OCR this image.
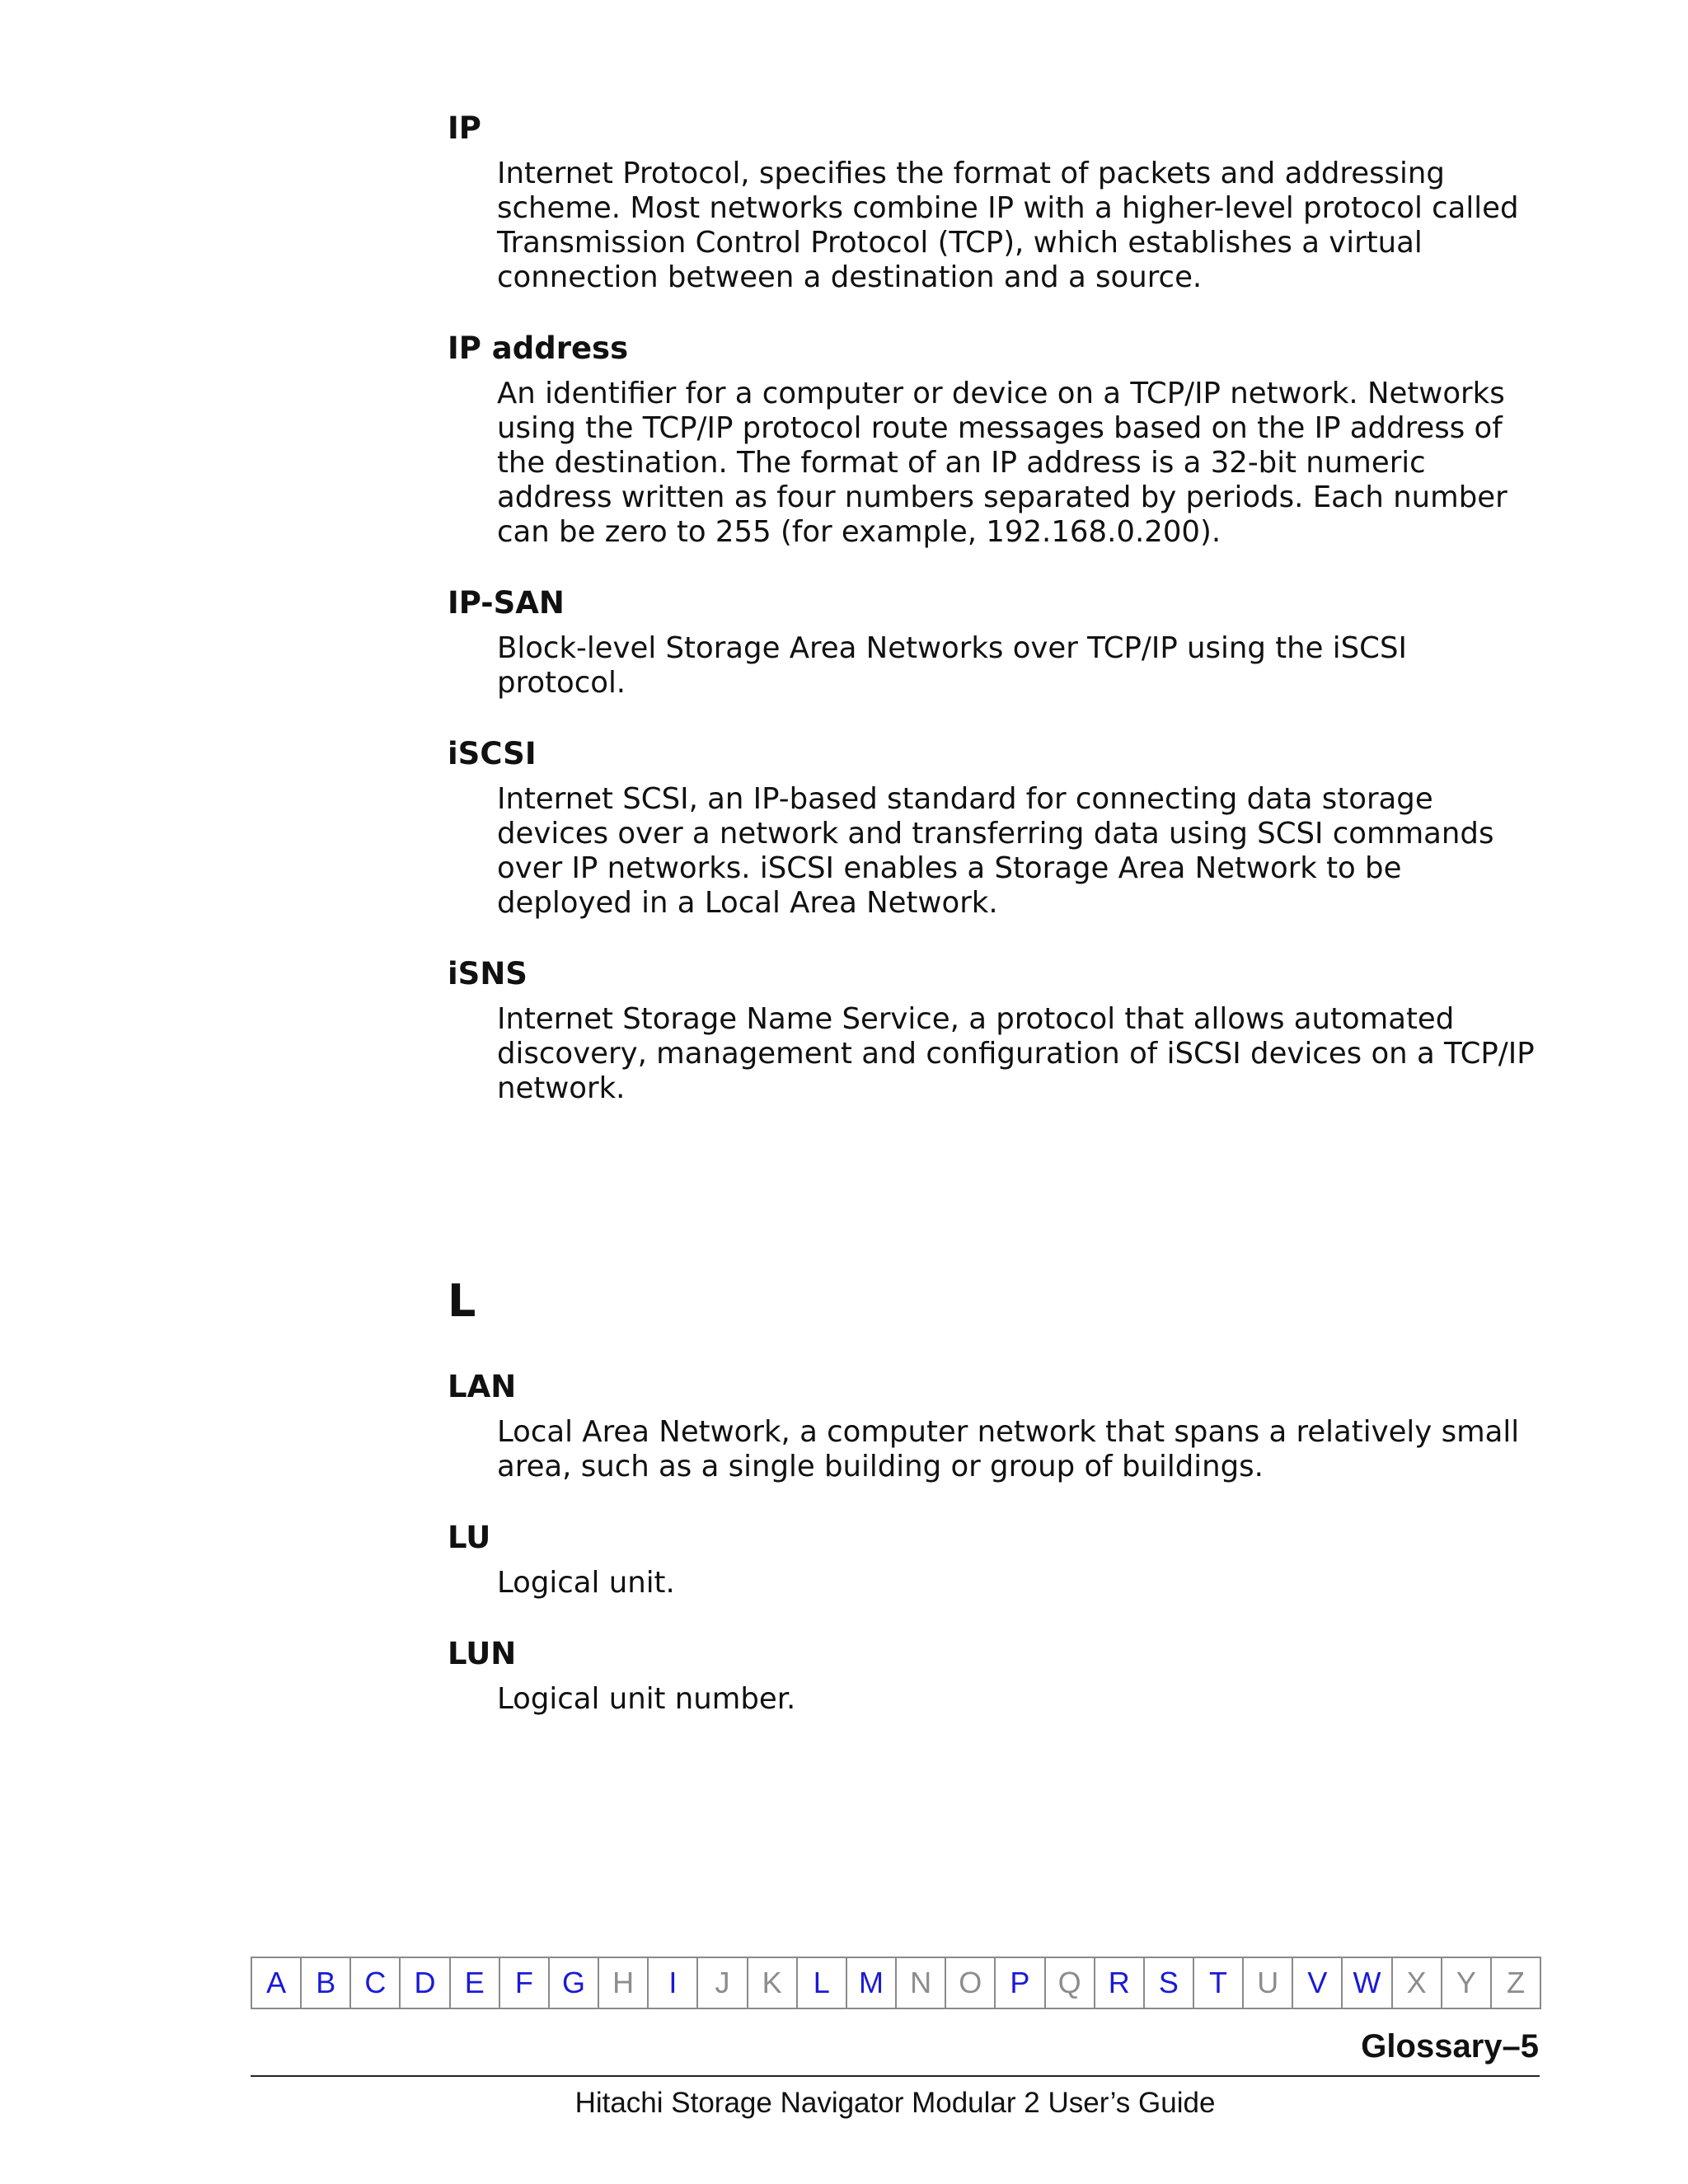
IP

Internet Protocol, specifies the format of packets and addressing scheme. Most networks combine IP with a higher-level protocol called Transmission Control Protocol (TCP), which establishes a virtual connection between a destination and a source.

IP address

An identifier for a computer or device on a TCP/IP network. Networks using the TCP/IP protocol route messages based on the IP address of the destination. The format of an IP address is a 32-bit numeric address written as four numbers separated by periods. Each number can be zero to 255 (for example, 192.168.0.200).

IP-SAN

Block-level Storage Area Networks over TCP/IP using the iSCSI protocol.

iSCSI

Internet SCSI, an IP-based standard for connecting data storage devices over a network and transferring data using SCSI commands over IP networks. iSCSI enables a Storage Area Network to be deployed in a Local Area Network.

iSNS

Internet Storage Name Service, a protocol that allows automated discovery, management and configuration of iSCSI devices on a TCP/IP network.

L
LAN

Local Area Network, a computer network that spans a relatively small area, such as a single building or group of buildings.

LU

Logical unit.

LUN

Logical unit number.

A	B C D E	F G H	I	J	K	L M N O P Q R S	T	U V W X	Y	Z
Glossary–5
Hitachi Storage Navigator Modular 2 User’s Guide
